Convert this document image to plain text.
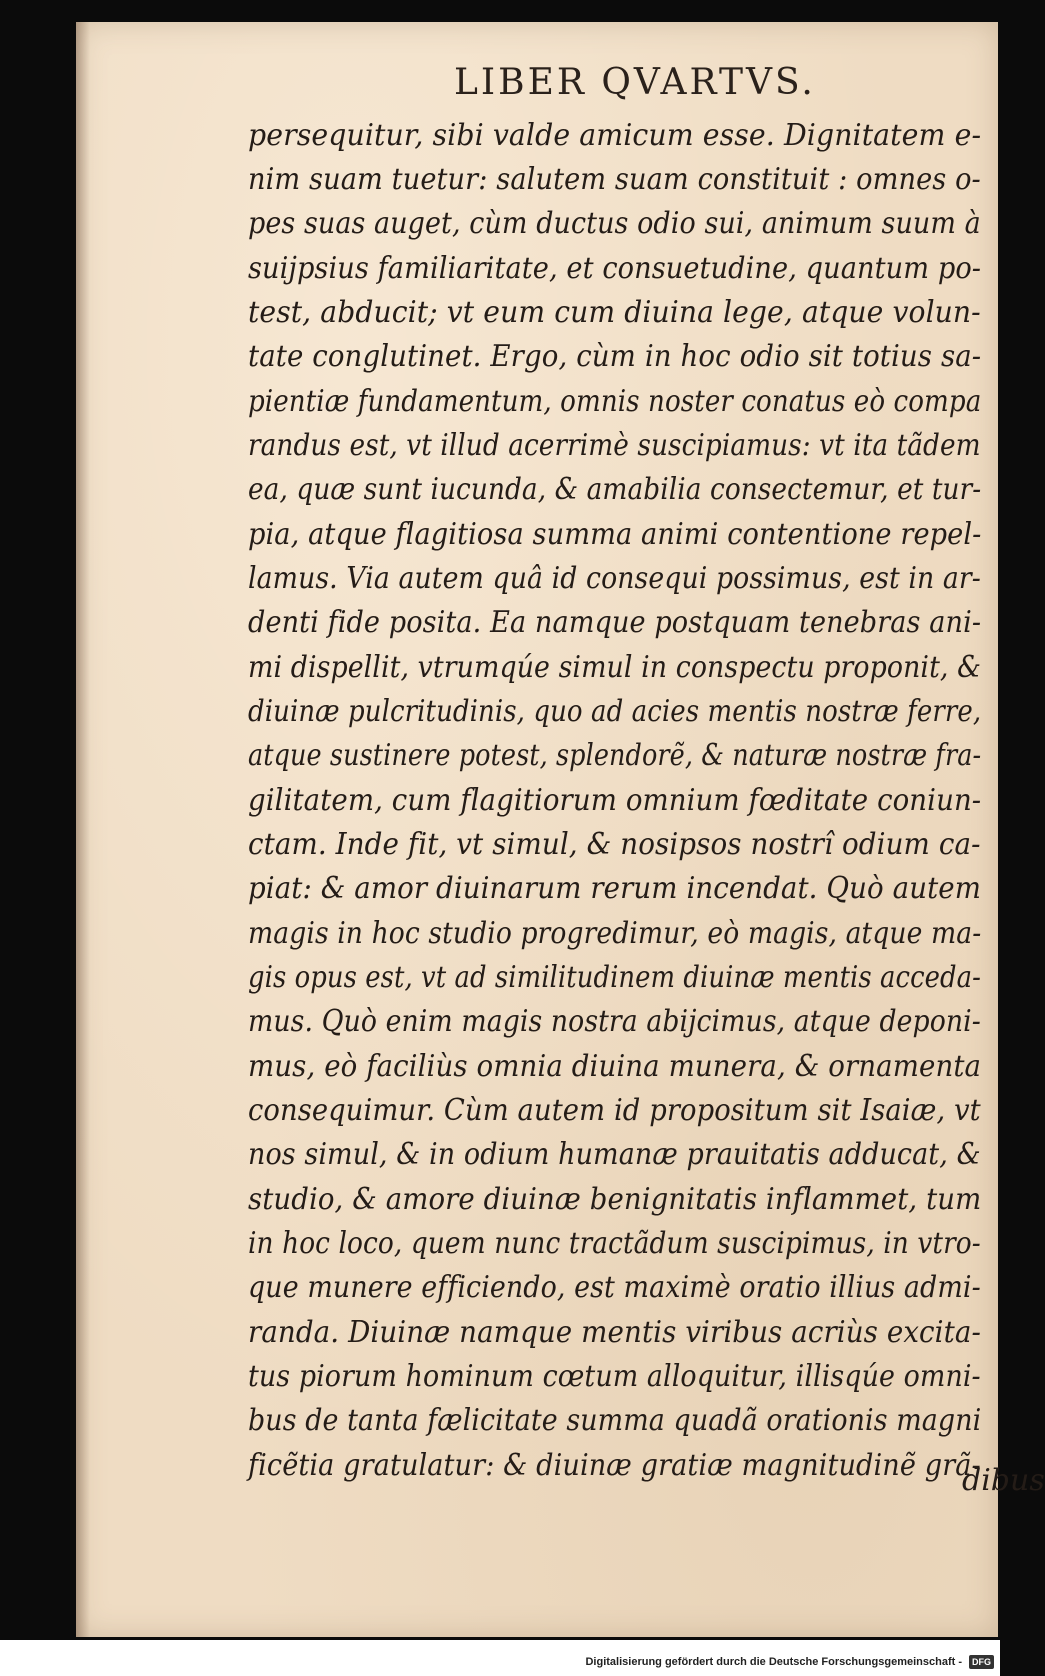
LIBER QVARTVS.
persequitur, sibi valde amicum esse. Dignitatem e-
nim suam tuetur: salutem suam constituit : omnes o-
pes suas auget, cùm ductus odio sui, animum suum à
suijpsius familiaritate, et consuetudine, quantum po-
test, abducit; vt eum cum diuina lege, atque volun-
tate conglutinet. Ergo, cùm in hoc odio sit totius sa-
pientiæ fundamentum, omnis noster conatus eò compa
randus est, vt illud acerrimè suscipiamus: vt ita tãdem
ea, quæ sunt iucunda, & amabilia consectemur, et tur-
pia, atque flagitiosa summa animi contentione repel-
lamus. Via autem quâ id consequi possimus, est in ar-
denti fide posita. Ea namque postquam tenebras ani-
mi dispellit, vtrumqúe simul in conspectu proponit, &
diuinæ pulcritudinis, quo ad acies mentis nostræ ferre,
atque sustinere potest, splendorẽ, & naturæ nostræ fra-
gilitatem, cum flagitiorum omnium fœditate coniun-
ctam. Inde fit, vt simul, & nosipsos nostrî odium ca-
piat: & amor diuinarum rerum incendat. Quò autem
magis in hoc studio progredimur, eò magis, atque ma-
gis opus est, vt ad similitudinem diuinæ mentis acceda-
mus. Quò enim magis nostra abijcimus, atque deponi-
mus, eò faciliùs omnia diuina munera, & ornamenta
consequimur. Cùm autem id propositum sit Isaiæ, vt
nos simul, & in odium humanæ prauitatis adducat, &
studio, & amore diuinæ benignitatis inflammet, tum
in hoc loco, quem nunc tractãdum suscipimus, in vtro-
que munere efficiendo, est maximè oratio illius admi-
randa. Diuinæ namque mentis viribus acriùs excita-
tus piorum hominum cœtum alloquitur, illisqúe omni-
bus de tanta fælicitate summa quadã orationis magni
ficẽtia gratulatur: & diuinæ gratiæ magnitudinẽ grã-
dibus
Digitalisierung gefördert durch die Deutsche Forschungsgemeinschaft -	DFG
